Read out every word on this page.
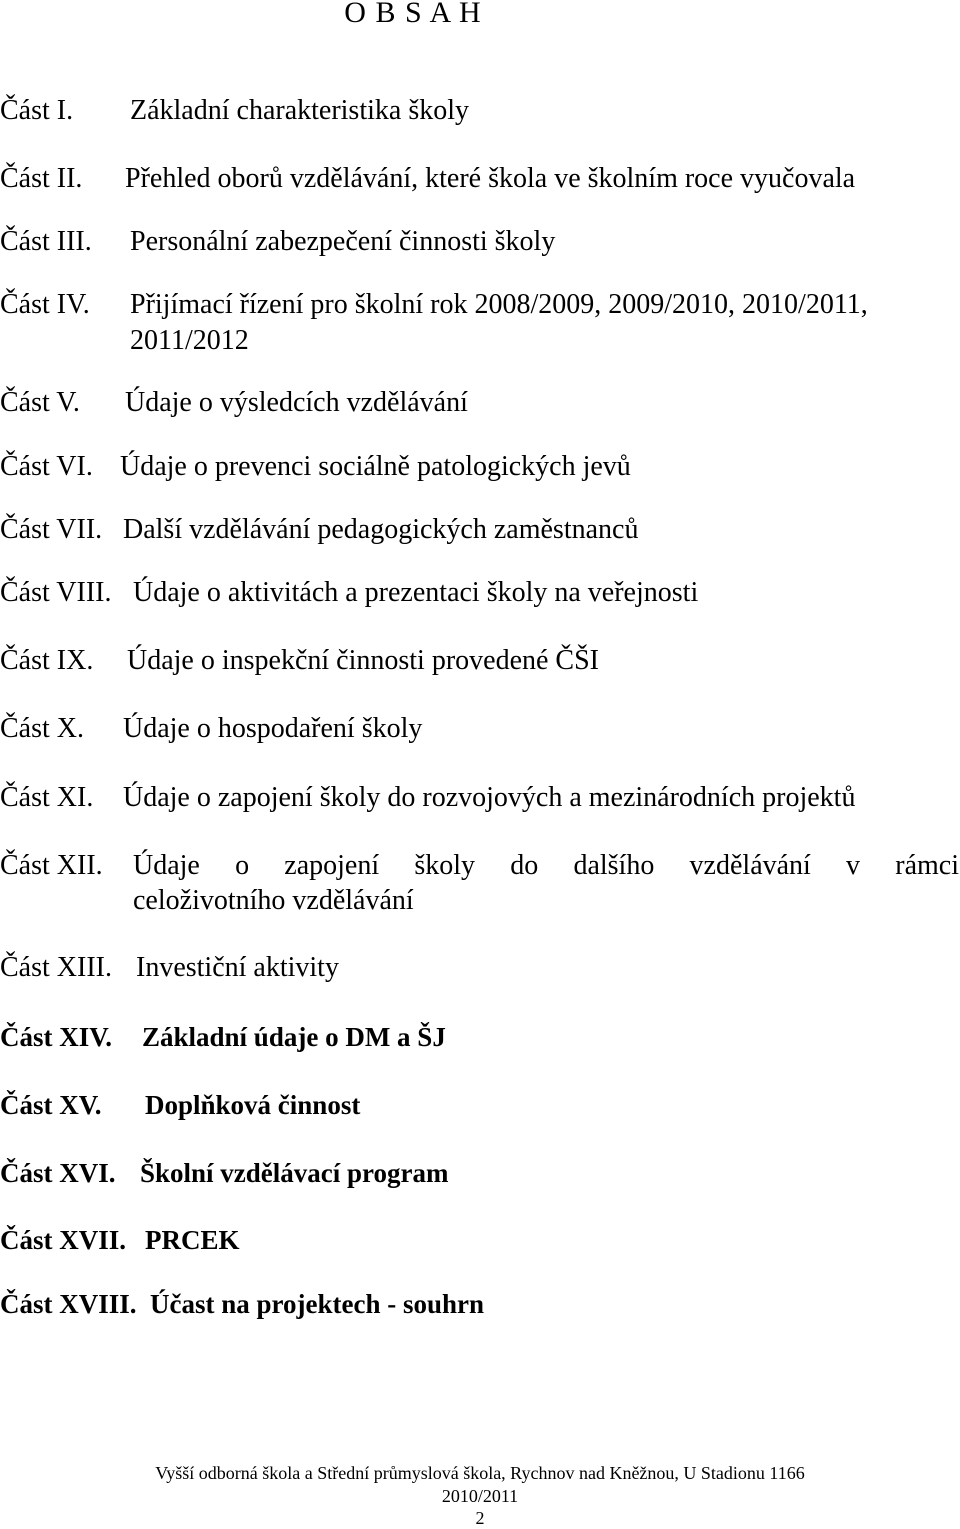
O B S A H
Část I. Základní charakteristika školy
Část II. Přehled oborů vzdělávání, které škola ve školním roce vyučovala
Část III. Personální zabezpečení činnosti školy
Část IV. Přijímací řízení pro školní rok 2008/2009, 2009/2010, 2010/2011,
2011/2012
Část V. Údaje o výsledcích vzdělávání
Část VI. Údaje o prevenci sociálně patologických jevů
Část VII. Další vzdělávání pedagogických zaměstnanců
Část VIII. Údaje o aktivitách a prezentaci školy na veřejnosti
Část IX. Údaje o inspekční činnosti provedené ČŠI
Část X. Údaje o hospodaření školy
Část XI. Údaje o zapojení školy do rozvojových a mezinárodních projektů
Část XII. Údaje o zapojení školy do dalšího vzdělávání v rámci
celoživotního vzdělávání
Část XIII. Investiční aktivity
Část XIV. Základní údaje o DM a ŠJ
Část XV. Doplňková činnost
Část XVI. Školní vzdělávací program
Část XVII. PRCEK
Část XVIII. Účast na projektech - souhrn
Vyšší odborná škola a Střední průmyslová škola, Rychnov nad Kněžnou, U Stadionu 1166
2010/2011
2
